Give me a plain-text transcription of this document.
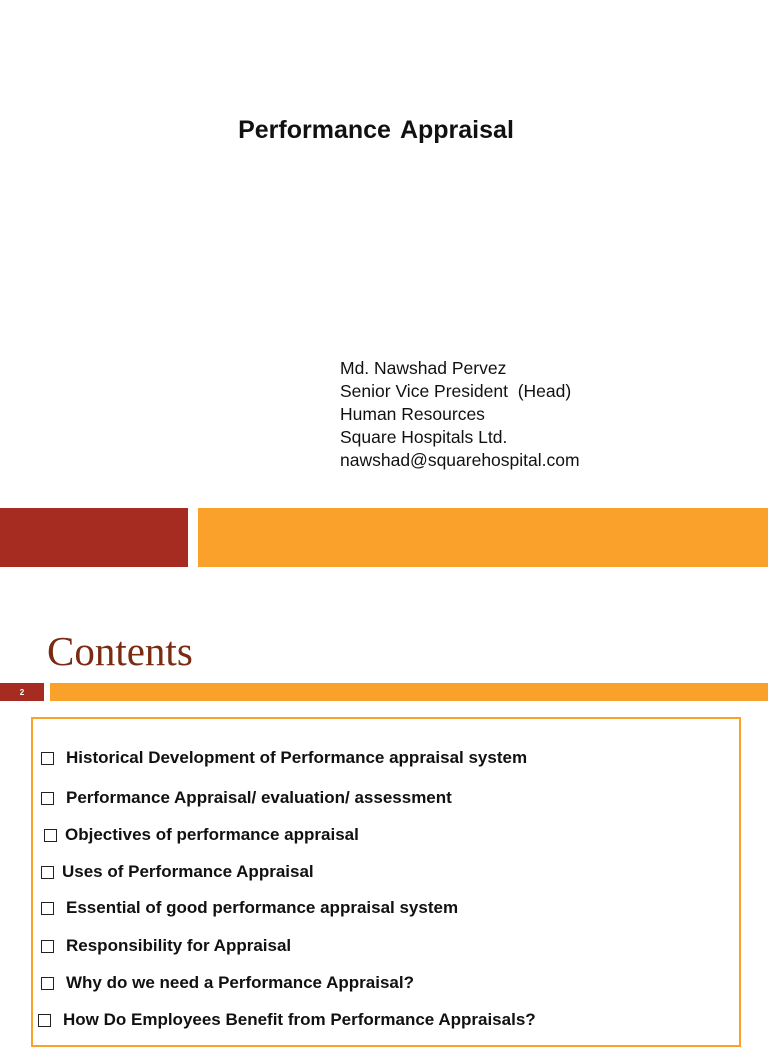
Performance Appraisal
Md. Nawshad Pervez
Senior Vice President  (Head)
Human Resources
Square Hospitals Ltd.
nawshad@squarehospital.com
Contents
2
Historical Development of Performance appraisal system
Performance Appraisal/ evaluation/ assessment
Objectives of performance appraisal
Uses of Performance Appraisal
Essential of good performance appraisal system
Responsibility for Appraisal
Why do we need a Performance Appraisal?
How Do Employees Benefit from Performance Appraisals?
